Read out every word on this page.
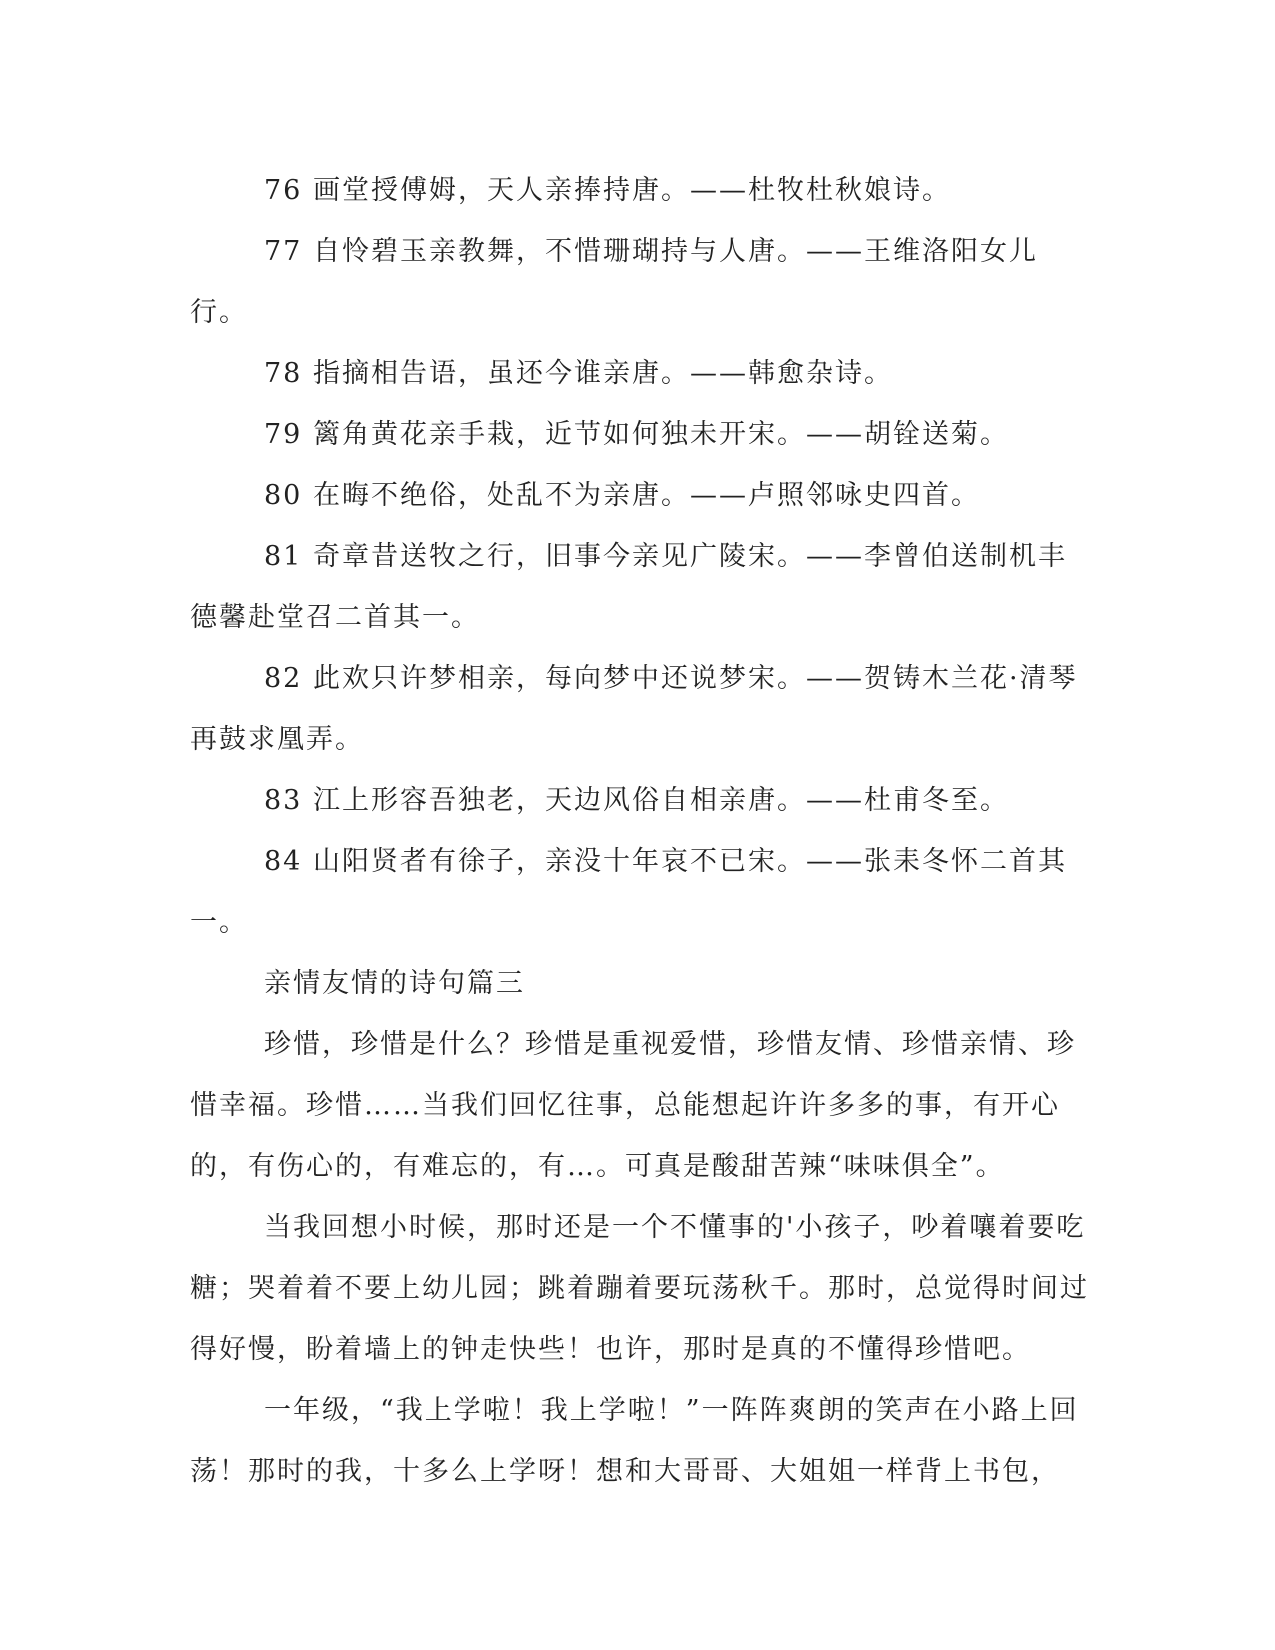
76 画堂授傅姆，天人亲捧持唐。——杜牧杜秋娘诗。

77 自怜碧玉亲教舞，不惜珊瑚持与人唐。——王维洛阳女儿行。

78 指摘相告语，虽还今谁亲唐。——韩愈杂诗。

79 篱角黄花亲手栽，近节如何独未开宋。——胡铨送菊。

80 在晦不绝俗，处乱不为亲唐。——卢照邻咏史四首。

81 奇章昔送牧之行，旧事今亲见广陵宋。——李曾伯送制机丰德馨赴堂召二首其一。

82 此欢只许梦相亲，每向梦中还说梦宋。——贺铸木兰花·清琴再鼓求凰弄。

83 江上形容吾独老，天边风俗自相亲唐。——杜甫冬至。

84 山阳贤者有徐子，亲没十年哀不已宋。——张耒冬怀二首其一。

亲情友情的诗句篇三

珍惜，珍惜是什么？珍惜是重视爱惜，珍惜友情、珍惜亲情、珍惜幸福。珍惜……当我们回忆往事，总能想起许许多多的事，有开心的，有伤心的，有难忘的，有…。可真是酸甜苦辣“味味俱全”。

当我回想小时候，那时还是一个不懂事的'小孩子，吵着嚷着要吃糖；哭着着不要上幼儿园；跳着蹦着要玩荡秋千。那时，总觉得时间过得好慢，盼着墙上的钟走快些！也许，那时是真的不懂得珍惜吧。

一年级，“我上学啦！我上学啦！”一阵阵爽朗的笑声在小路上回荡！那时的我，十多么上学呀！想和大哥哥、大姐姐一样背上书包，
